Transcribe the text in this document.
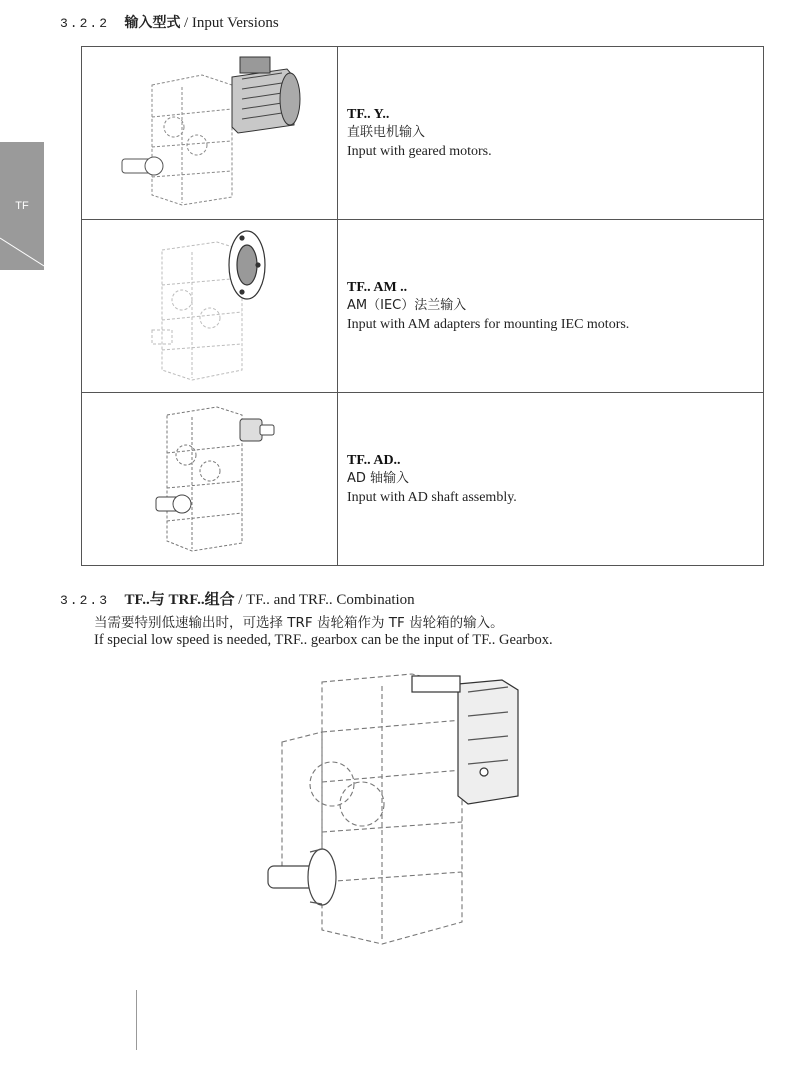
3.2.2 输入型式 / Input Versions
TF

TF.. Y..
直联电机输入
Input with geared motors.

TF.. AM ..
AM（IEC）法兰输入
Input with AM adapters for mounting IEC motors.

TF.. AD..
AD 轴输入
Input with AD shaft assembly.
3.2.3 TF..与 TRF..组合 / TF.. and TRF.. Combination
当需要特别低速输出时，可选择 TRF 齿轮箱作为 TF 齿轮箱的输入。
If special low speed is needed, TRF.. gearbox can be the input of TF.. Gearbox.
